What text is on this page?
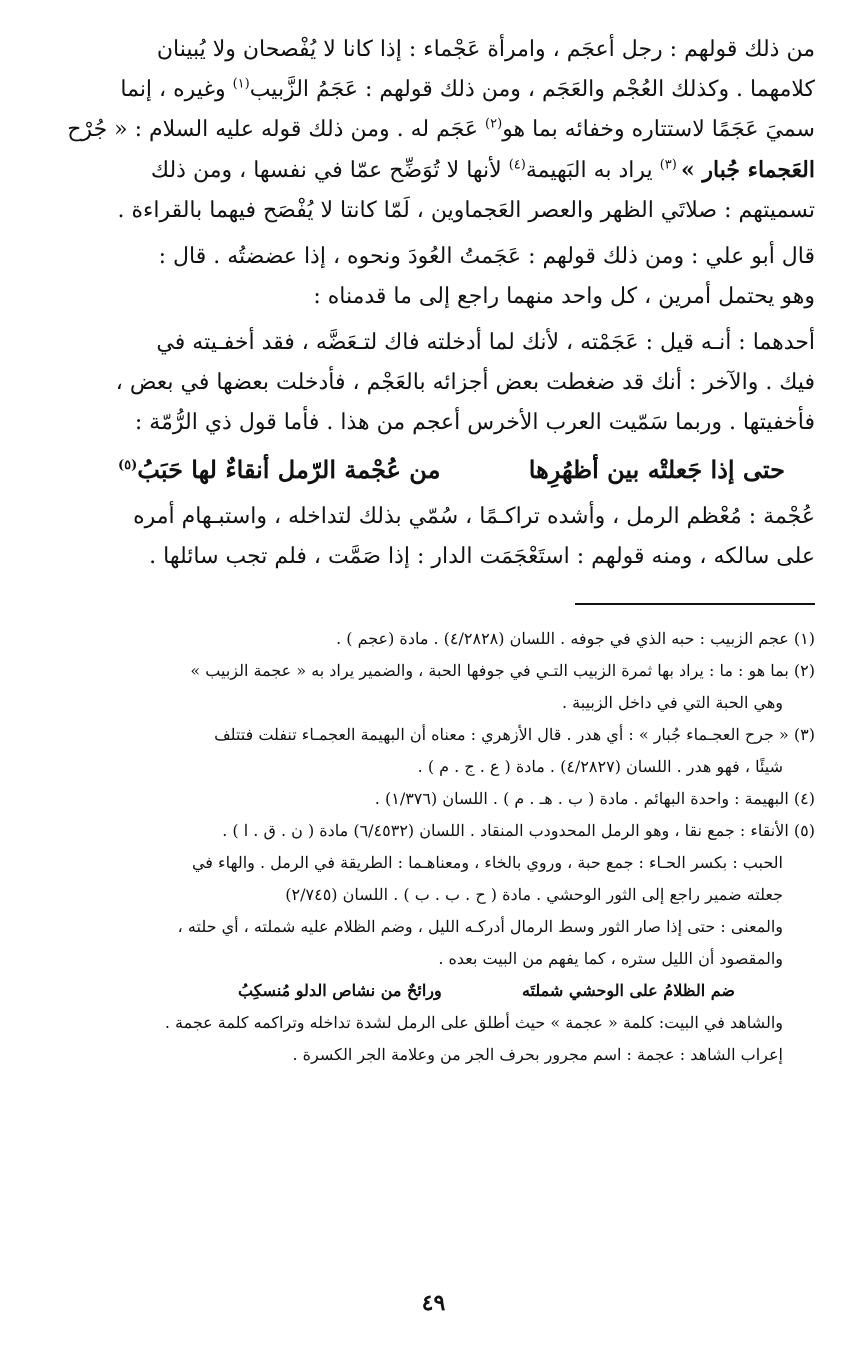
من ذلك قولهم : رجل أعجَم ، وامرأة عَجْماء : إذا كانا لا يُفْصحان ولا يُبينان

كلامهما . وكذلك العُجْم والعَجَم ، ومن ذلك قولهم : عَجَمُ الزَّبيب$^{(١)}$ وغيره ، إنما

سميَ عَجَمًا لاستتاره وخفائه بما هو$^{(٢)}$ عَجَم له . ومن ذلك قوله عليه السلام : « جُرْح

العَجماء جُبار » $^{(٣)}$ يراد به البَهيمة$^{(٤)}$ لأنها لا تُوَضِّح عمّا في نفسها ، ومن ذلك

تسميتهم : صلاتَي الظهر والعصر العَجماوين ، لَمّا كانتا لا يُفْصَح فيهما بالقراءة .

قال أبو علي : ومن ذلك قولهم : عَجَمتُ العُودَ ونحوه ، إذا عضضتُه . قال :

وهو يحتمل أمرين ، كل واحد منهما راجع إلى ما قدمناه :

أحدهما : أنـه قيل : عَجَمْته ، لأنك لما أدخلته فاك لتـعَضَّه ، فقد أخفـيته في

فيك . والآخر : أنك قد ضغطت بعض أجزائه بالعَجْم ، فأدخلت بعضها في بعض ،

فأخفيتها . وربما سَمّيت العرب الأخرس أعجم من هذا . فأما قول ذي الرُّمّة :

حتى إذا جَعلتْه بين أظهُرِها
من عُجْمة الرّمل أنقاءٌ لها حَبَبُ$^{(٥)}$

عُجْمة : مُعْظم الرمل ، وأشده تراكـمًا ، سُمّي بذلك لتداخله ، واستبـهام أمره

على سالكه ، ومنه قولهم : استَعْجَمَت الدار : إذا صَمَّت ، فلم تجب سائلها .

(١) عجم الزبيب : حبه الذي في جوفه . اللسان (٤/٢٨٢٨) . مادة (عجم ) .

(٢) بما هو : ما : يراد بها ثمرة الزبيب التـي في جوفها الحبة ، والضمير يراد به « عجمة الزبيب »

وهي الحبة التي في داخل الزبيبة .

(٣) « جرح العجـماء جُبار » : أي هدر . قال الأزهري : معناه أن البهيمة العجمـاء تنفلت فتتلف

شيئًا ، فهو هدر . اللسان (٤/٢٨٢٧) . مادة ( ع . ج . م ) .

(٤) البهيمة : واحدة البهائم . مادة ( ب . هـ . م ) . اللسان (١/٣٧٦) .

(٥) الأنقاء : جمع نقا ، وهو الرمل المحدودب المنقاد . اللسان (٦/٤٥٣٢) مادة ( ن . ق . ا ) .

الحبب : بكسر الحـاء : جمع حبة ، وروي بالخاء ، ومعناهـما : الطريقة في الرمل . والهاء في

جعلته ضمير راجع إلى الثور الوحشي . مادة ( ح . ب . ب ) . اللسان (٢/٧٤٥)

والمعنى : حتى إذا صار الثور وسط الرمال أدركـه الليل ، وضم الظلام عليه شملته ، أي حلته ،

والمقصود أن الليل ستره ، كما يفهم من البيت بعده .

ضم الظلامُ على الوحشي شملتَه
ورائحٌ من نشاص الدلو مُنسكِبُ

والشاهد في البيت: كلمة « عجمة » حيث أطلق على الرمل لشدة تداخله وتراكمه كلمة عجمة .

إعراب الشاهد : عجمة : اسم مجرور بحرف الجر من وعلامة الجر الكسرة .

٤٩
